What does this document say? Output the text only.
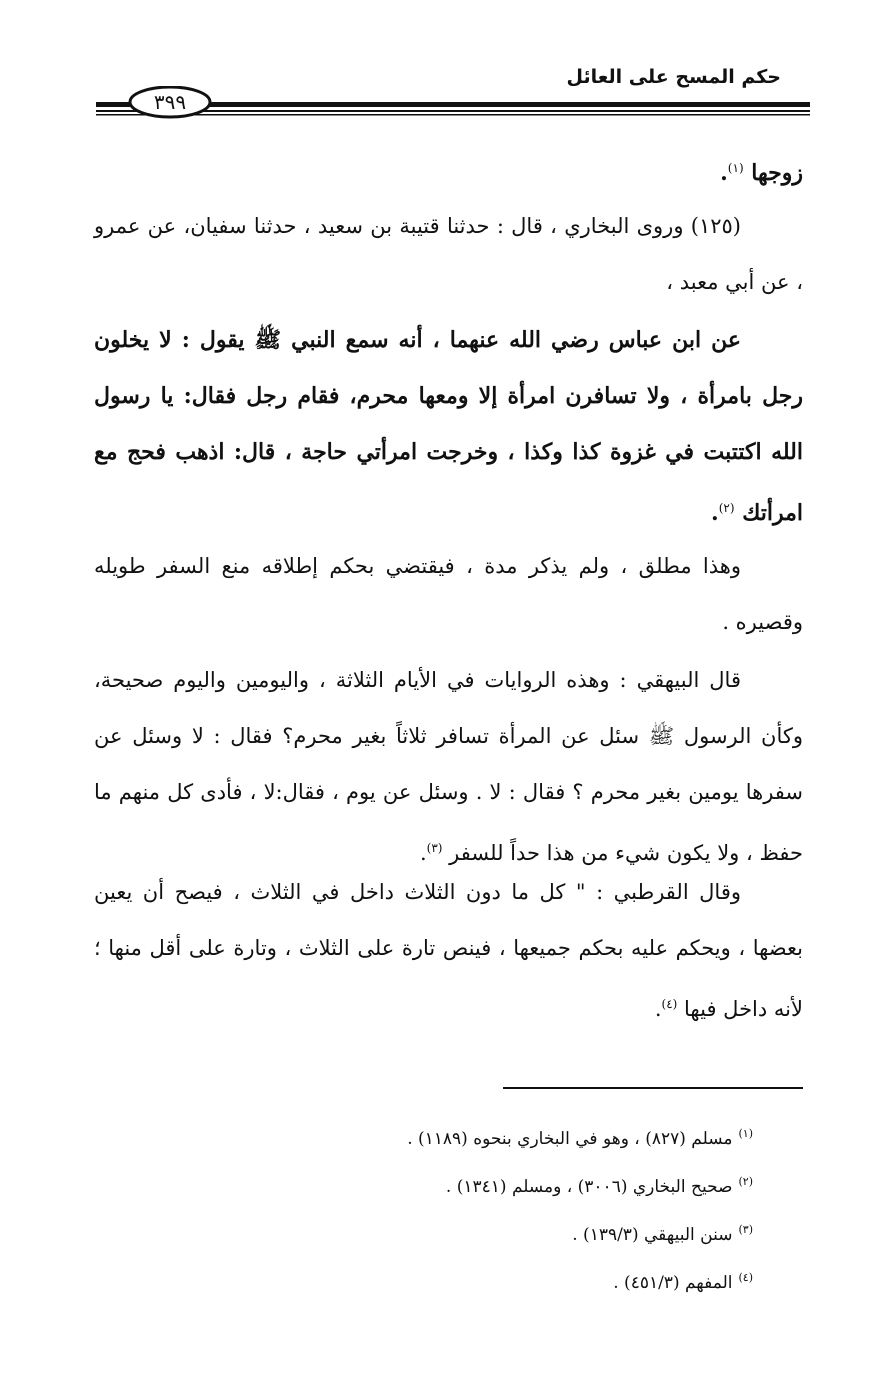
حكم المسح على العائل
٣٩٩
زوجها $^{(١)}$.
(١٢٥) وروى البخاري ، قال : حدثنا قتيبة بن سعيد ، حدثنا سفيان، عن عمرو ، عن أبي معبد ،
عن ابن عباس رضي الله عنهما ، أنه سمع النبي ﷺ يقول : لا يخلون رجل بامرأة ، ولا تسافرن امرأة إلا ومعها محرم، فقام رجل فقال: يا رسول الله اكتتبت في غزوة كذا وكذا ، وخرجت امرأتي حاجة ، قال: اذهب فحج مع امرأتك $^{(٢)}$.
وهذا مطلق ، ولم يذكر مدة ، فيقتضي بحكم إطلاقه منع السفر طويله وقصيره .
قال البيهقي : وهذه الروايات في الأيام الثلاثة ، واليومين واليوم صحيحة، وكأن الرسول ﷺ سئل عن المرأة تسافر ثلاثاً بغير محرم؟ فقال : لا وسئل عن سفرها يومين بغير محرم ؟ فقال : لا . وسئل عن يوم ، فقال:لا ، فأدى كل منهم ما حفظ ، ولا يكون شيء من هذا حداً للسفر $^{(٣)}$.
وقال القرطبي : " كل ما دون الثلاث داخل في الثلاث ، فيصح أن يعين بعضها ، ويحكم عليه بحكم جميعها ، فينص تارة على الثلاث ، وتارة على أقل منها ؛ لأنه داخل فيها $^{(٤)}$.
$^{(١)}$مسلم (٨٢٧) ، وهو في البخاري بنحوه (١١٨٩) .
$^{(٢)}$صحيح البخاري (٣٠٠٦) ، ومسلم (١٣٤١) .
$^{(٣)}$سنن البيهقي (١٣٩/٣) .
$^{(٤)}$المفهم (٤٥١/٣) .
